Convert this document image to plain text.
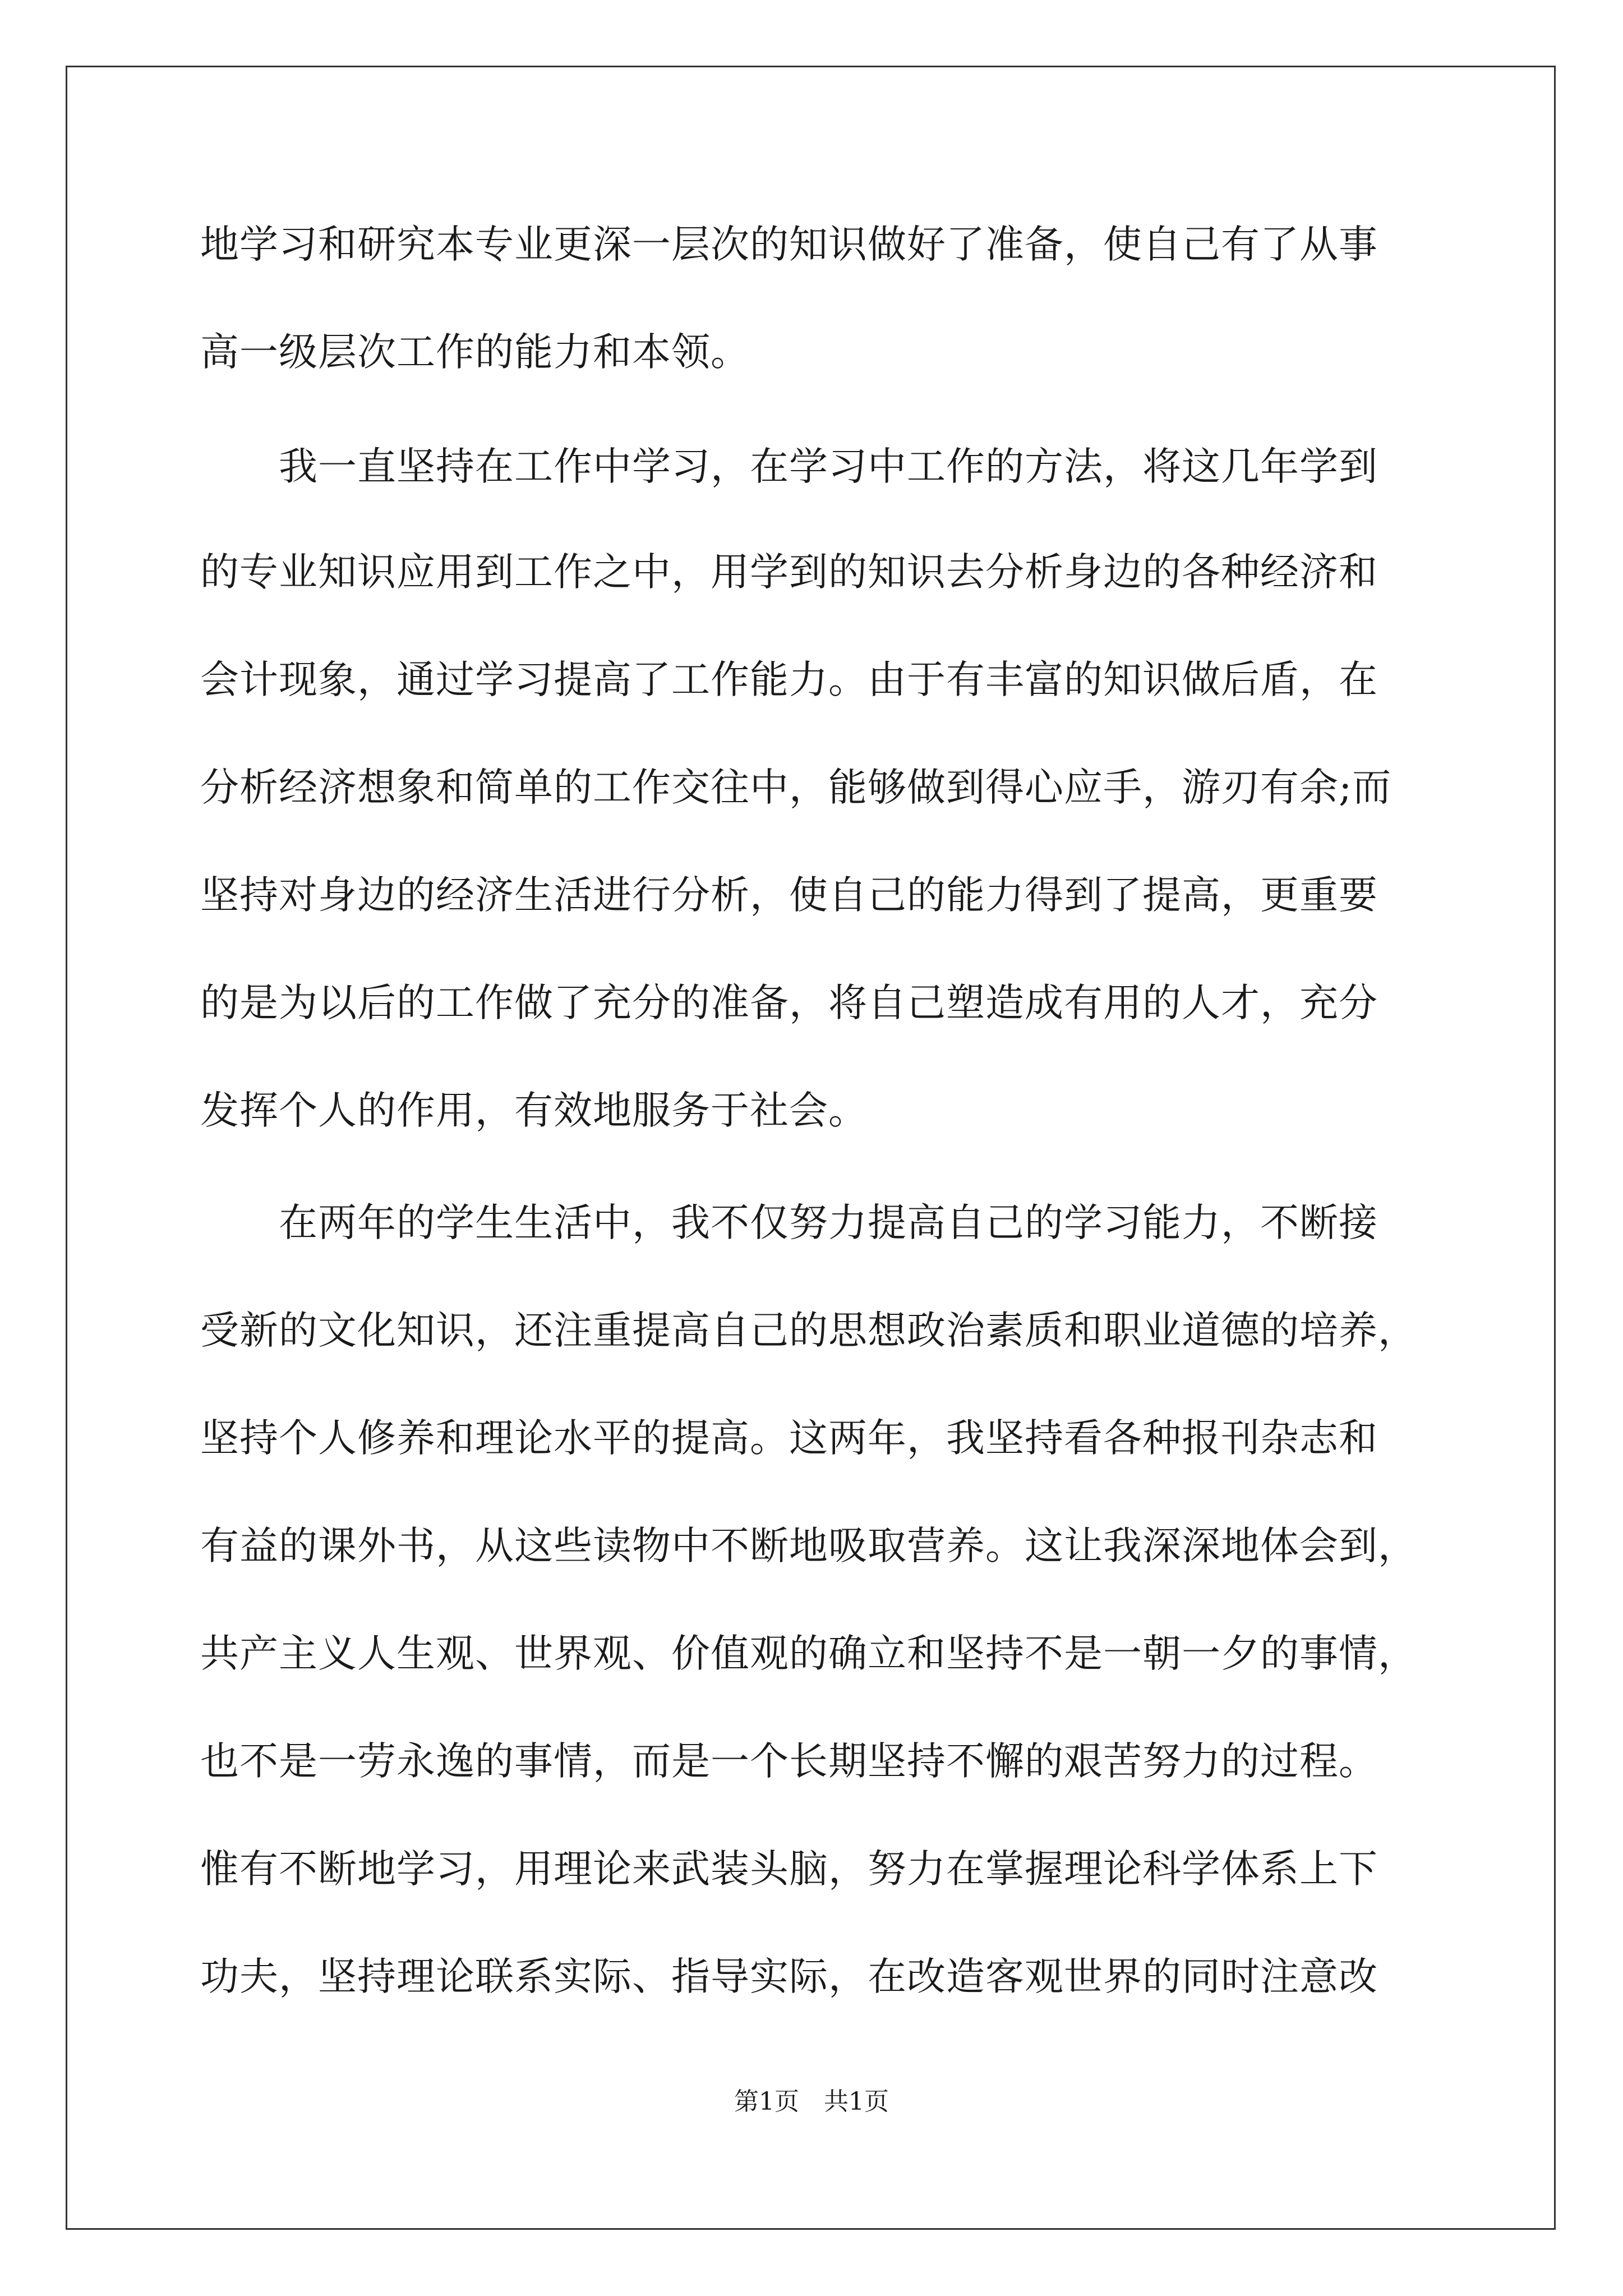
地学习和研究本专业更深一层次的知识做好了准备，使自己有了从事
高一级层次工作的能力和本领。
　　我一直坚持在工作中学习，在学习中工作的方法，将这几年学到
的专业知识应用到工作之中，用学到的知识去分析身边的各种经济和
会计现象，通过学习提高了工作能力。由于有丰富的知识做后盾，在
分析经济想象和简单的工作交往中，能够做到得心应手，游刃有余;而
坚持对身边的经济生活进行分析，使自己的能力得到了提高，更重要
的是为以后的工作做了充分的准备，将自己塑造成有用的人才，充分
发挥个人的作用，有效地服务于社会。
　　在两年的学生生活中，我不仅努力提高自己的学习能力，不断接
受新的文化知识，还注重提高自己的思想政治素质和职业道德的培养，
坚持个人修养和理论水平的提高。这两年，我坚持看各种报刊杂志和
有益的课外书，从这些读物中不断地吸取营养。这让我深深地体会到，
共产主义人生观、世界观、价值观的确立和坚持不是一朝一夕的事情，
也不是一劳永逸的事情，而是一个长期坚持不懈的艰苦努力的过程。
惟有不断地学习，用理论来武装头脑，努力在掌握理论科学体系上下
功夫，坚持理论联系实际、指导实际，在改造客观世界的同时注意改
第1页　共1页
